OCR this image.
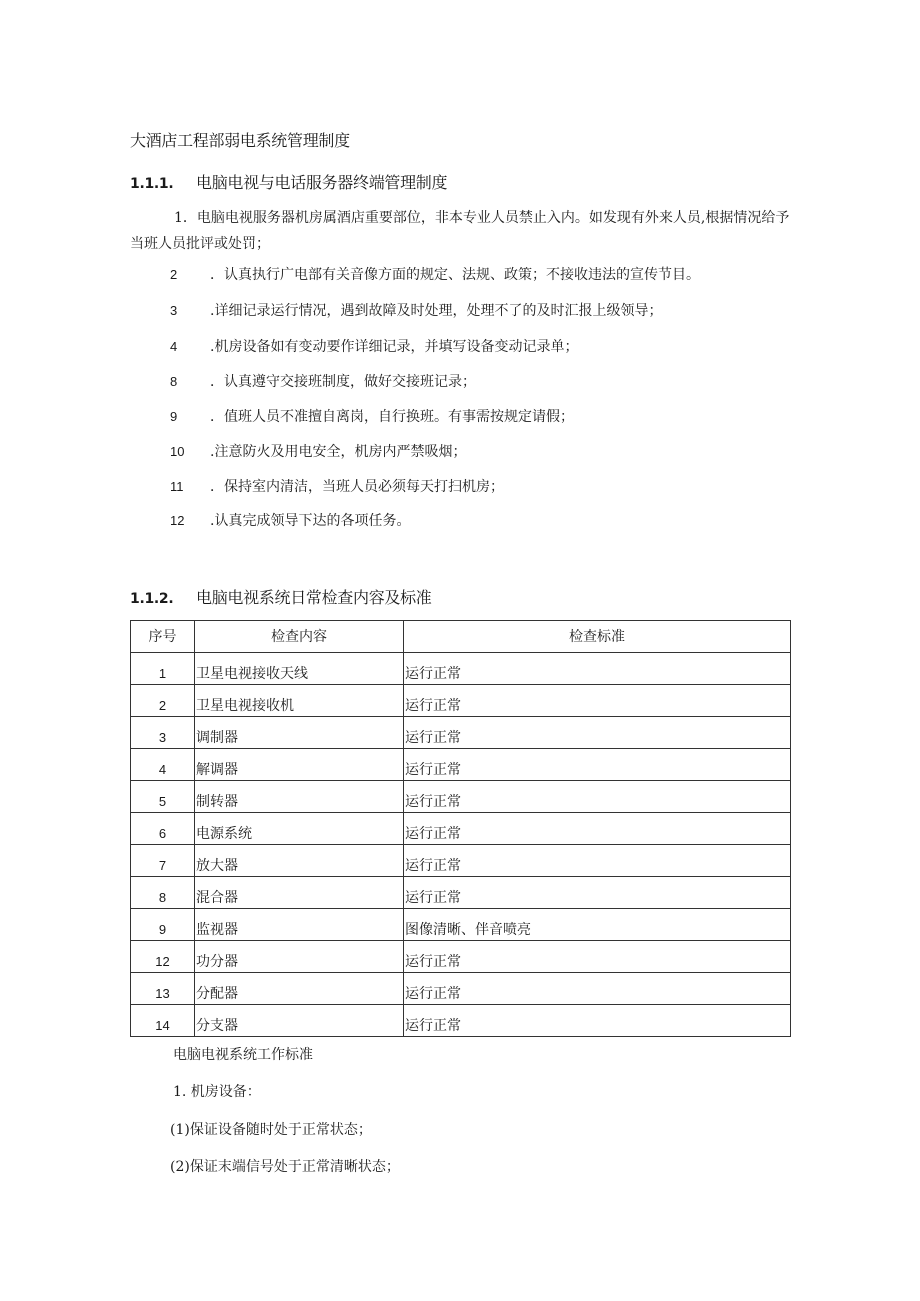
大酒店工程部弱电系统管理制度
1.1.1. 电脑电视与电话服务器终端管理制度
1．电脑电视服务器机房属酒店重要部位，非本专业人员禁止入内。如发现有外来人员,根据情况给予当班人员批评或处罚；
2 ．认真执行广电部有关音像方面的规定、法规、政策；不接收违法的宣传节目。
3 .详细记录运行情况，遇到故障及时处理，处理不了的及时汇报上级领导；
4 .机房设备如有变动要作详细记录，并填写设备变动记录单；
8 ．认真遵守交接班制度，做好交接班记录；
9 ．值班人员不准擅自离岗，自行换班。有事需按规定请假；
10 .注意防火及用电安全，机房内严禁吸烟；
11 ．保持室内清洁，当班人员必须每天打扫机房；
12 .认真完成领导下达的各项任务。
1.1.2. 电脑电视系统日常检查内容及标准
序号	检查内容	检查标准
1	卫星电视接收天线	运行正常
2	卫星电视接收机	运行正常
3	调制器	运行正常
4	解调器	运行正常
5	制转器	运行正常
6	电源系统	运行正常
7	放大器	运行正常
8	混合器	运行正常
9	监视器	图像清晰、伴音喷亮
12	功分器	运行正常
13	分配器	运行正常
14	分支器	运行正常
电脑电视系统工作标准
1. 机房设备：
(1)保证设备随时处于正常状态；
(2)保证末端信号处于正常清晰状态；
